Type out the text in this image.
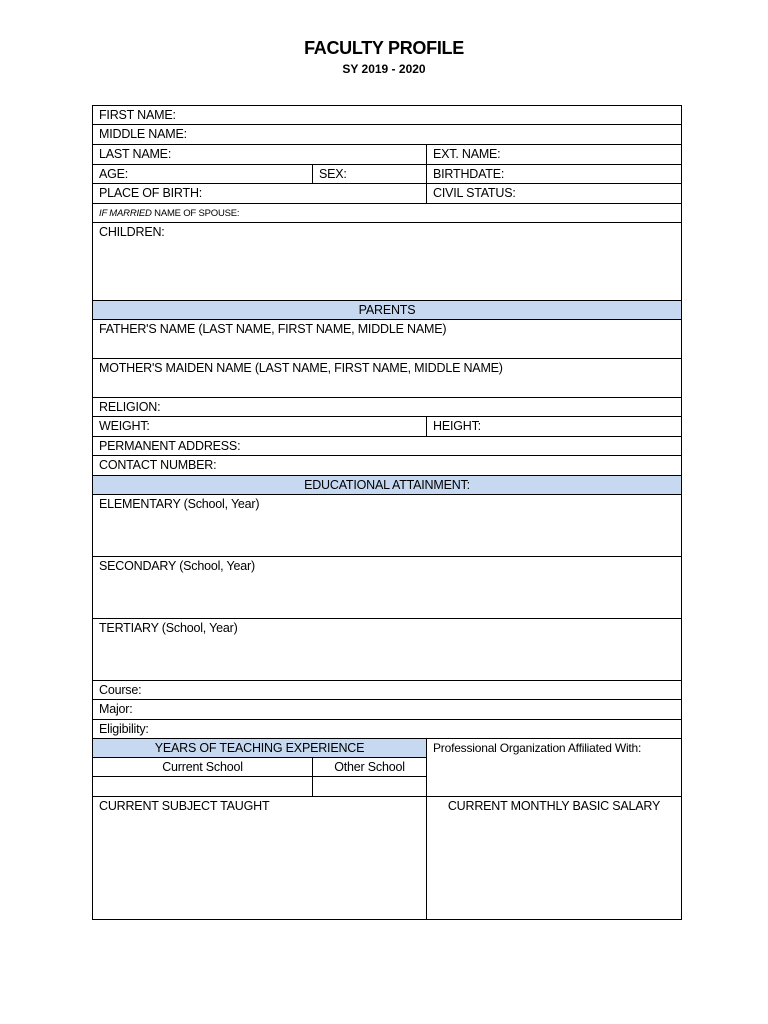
FACULTY PROFILE
SY 2019 - 2020
FIRST NAME:
MIDDLE NAME:
LAST NAME:	EXT. NAME:
AGE:	SEX:	BIRTHDATE:
PLACE OF BIRTH:	CIVIL STATUS:
IF MARRIED NAME OF SPOUSE:
CHILDREN:
PARENTS
FATHER'S NAME (LAST NAME, FIRST NAME, MIDDLE NAME)
MOTHER'S MAIDEN NAME (LAST NAME, FIRST NAME, MIDDLE NAME)
RELIGION:
WEIGHT:	HEIGHT:
PERMANENT ADDRESS:
CONTACT NUMBER:
EDUCATIONAL ATTAINMENT:
ELEMENTARY (School, Year)
SECONDARY (School, Year)
TERTIARY (School, Year)
Course:
Major:
Eligibility:
YEARS OF TEACHING EXPERIENCE
Current School	Other School
Professional Organization Affiliated With:
CURRENT SUBJECT TAUGHT	CURRENT MONTHLY BASIC SALARY
